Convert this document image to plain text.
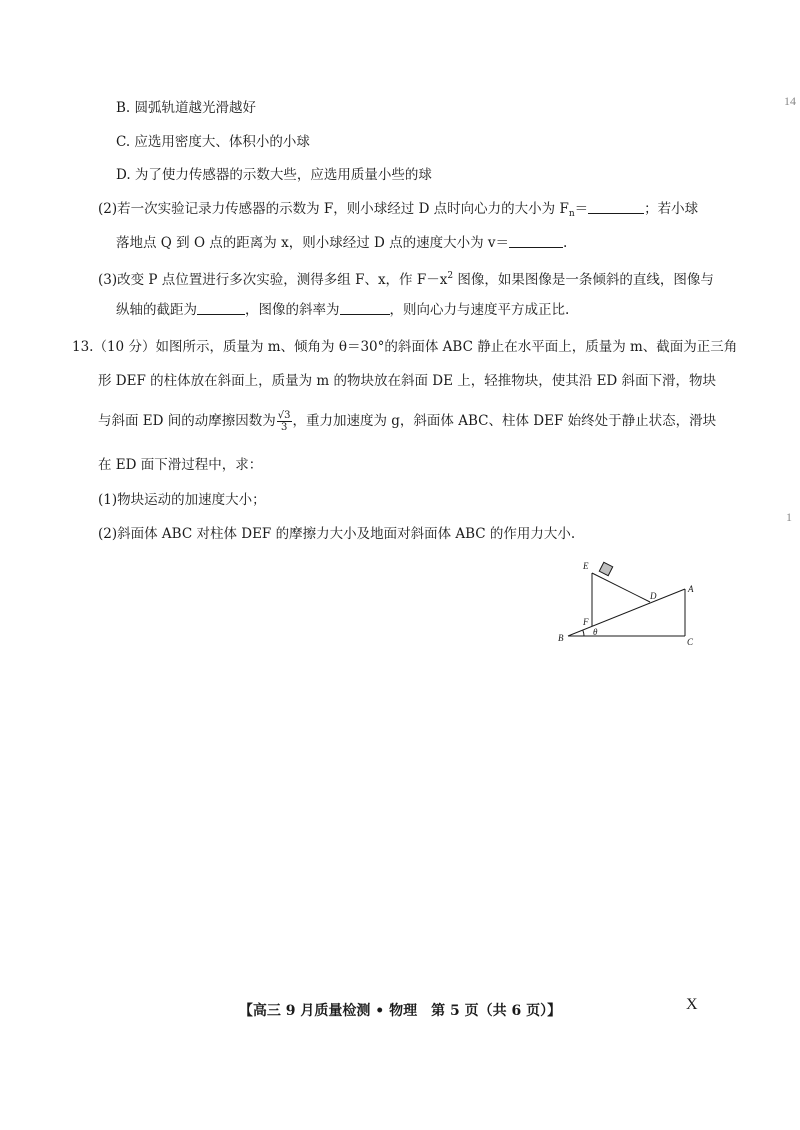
14
1
B. 圆弧轨道越光滑越好
C. 应选用密度大、体积小的小球
D. 为了使力传感器的示数大些，应选用质量小些的球
(2)若一次实验记录力传感器的示数为 F，则小球经过 D 点时向心力的大小为 $F_n=$	；若小球
落地点 Q 到 O 点的距离为 x，则小球经过 D 点的速度大小为 v＝	.
(3)改变 P 点位置进行多次实验，测得多组 F、x，作 $F-x^2$ 图像，如果图像是一条倾斜的直线，图像与
纵轴的截距为	，图像的斜率为	，则向心力与速度平方成正比.
13.（10 分）如图所示，质量为 m、倾角为 θ＝30°的斜面体 ABC 静止在水平面上，质量为 m、截面为正三角
形 DEF 的柱体放在斜面上，质量为 m 的物块放在斜面 DE 上，轻推物块，使其沿 ED 斜面下滑，物块
与斜面 ED 间的动摩擦因数为 $\frac{√3}{3}$ ，重力加速度为 g，斜面体 ABC、柱体 DEF 始终处于静止状态，滑块
在 ED 面下滑过程中，求：
(1)物块运动的加速度大小；
(2)斜面体 ABC 对柱体 DEF 的摩擦力大小及地面对斜面体 ABC 的作用力大小.
E
D
A
F
B	C
θ
【高三 9 月质量检测 • 物理　第 5 页（共 6 页）】	X
